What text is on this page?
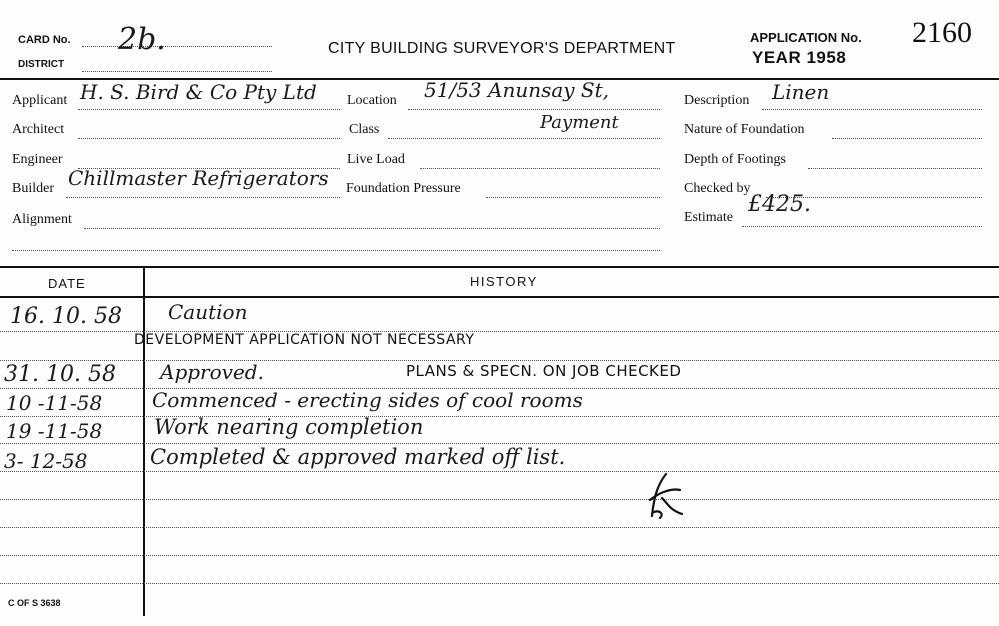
CARD No. 2b.
DISTRICT
CITY BUILDING SURVEYOR'S DEPARTMENT
APPLICATION No. 2160
YEAR 1958
Applicant H. S. Bird & Co Pty Ltd
Architect
Engineer
Builder Chillmaster Refrigerators
Alignment
Location 51/53 Anunsay St,
Class	Payment
Live Load
Foundation Pressure
Description Linen
Nature of Foundation
Depth of Footings
Checked by
Estimate
£425.
DATE	HISTORY
16. 10. 58 Caution
DEVELOPMENT APPLICATION NOT NECESSARY
31. 10. 58 Approved.	PLANS & SPECN. ON JOB CHECKED
10 -11-58 Commenced - erecting sides of cool rooms
19 -11-58 Work nearing completion
3- 12-58	Completed & approved marked off list.
C OF S 3638
